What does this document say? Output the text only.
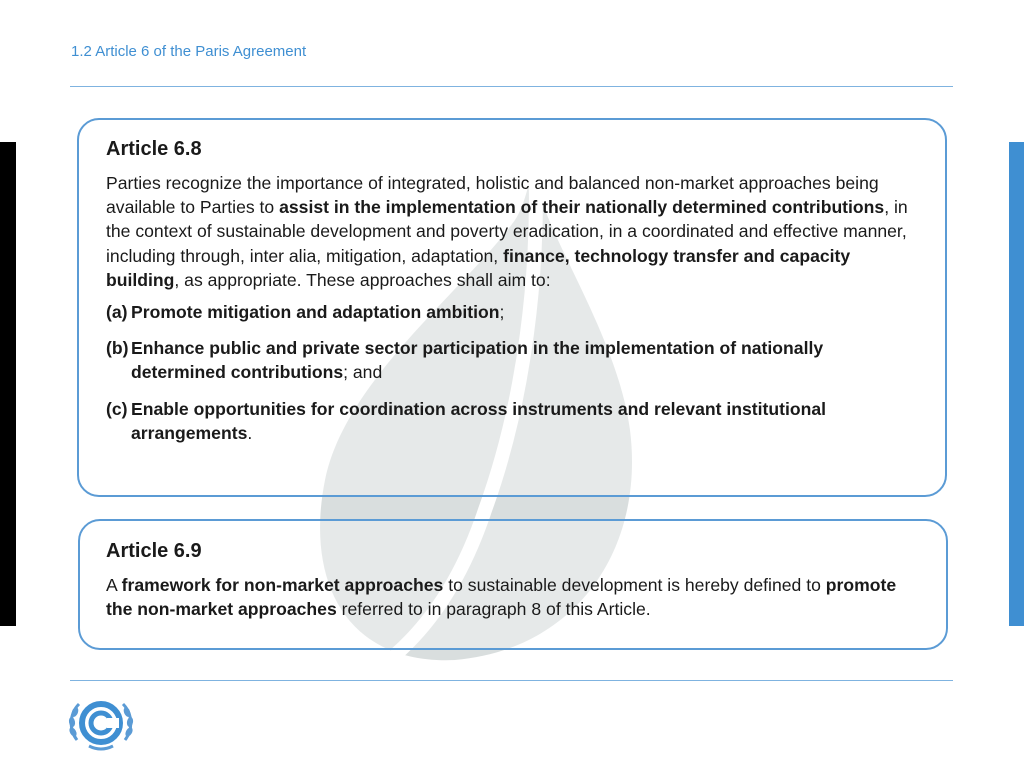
1.2 Article 6 of the Paris Agreement
Article 6.8

Parties recognize the importance of integrated, holistic and balanced non-market approaches being available to Parties to assist in the implementation of their nationally determined contributions, in the context of sustainable development and poverty eradication, in a coordinated and effective manner, including through, inter alia, mitigation, adaptation, finance, technology transfer and capacity building, as appropriate. These approaches shall aim to:

(a) Promote mitigation and adaptation ambition;
(b) Enhance public and private sector participation in the implementation of nationally determined contributions; and
(c) Enable opportunities for coordination across instruments and relevant institutional arrangements.
Article 6.9

A framework for non-market approaches to sustainable development is hereby defined to promote the non-market approaches referred to in paragraph 8 of this Article.
